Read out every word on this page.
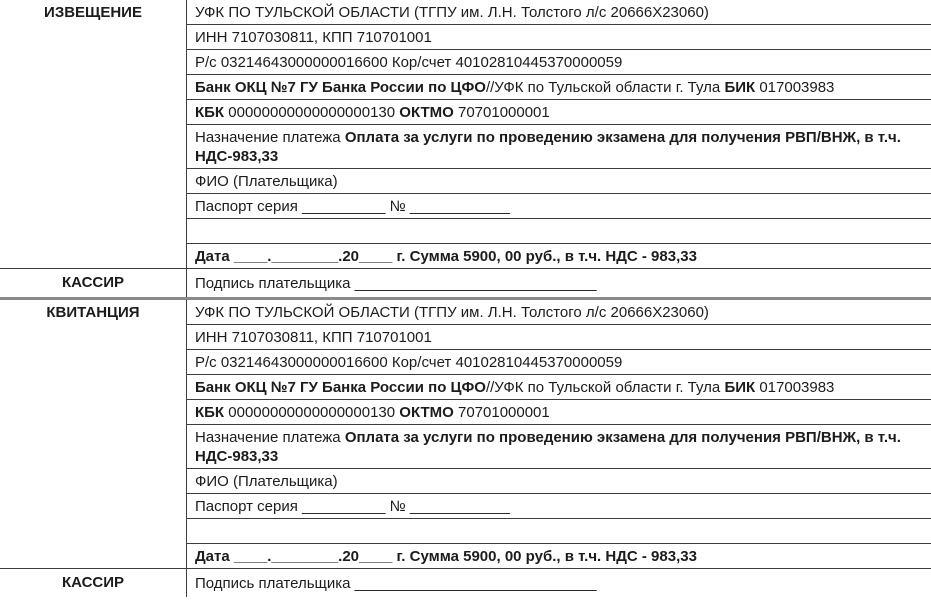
ИЗВЕЩЕНИЕ	УФК ПО ТУЛЬСКОЙ ОБЛАСТИ (ТГПУ им. Л.Н. Толстого л/с 20666X23060)
ИНН 7107030811, КПП 710701001
Р/с 03214643000000016600 Кор/счет 40102810445370000059
Банк ОКЦ №7 ГУ Банка России по ЦФО//УФК по Тульской области г. Тула БИК 017003983
КБК 00000000000000000130 ОКТМО 70701000001
Назначение платежа Оплата за услуги по проведению экзамена для получения РВП/ВНЖ, в т.ч. НДС-983,33
ФИО (Плательщика)
Паспорт серия __________ № ____________

Дата ____.________.20____ г. Сумма 5900, 00 руб., в т.ч. НДС - 983,33
КАССИР	Подпись плательщика _____________________________
КВИТАНЦИЯ	УФК ПО ТУЛЬСКОЙ ОБЛАСТИ (ТГПУ им. Л.Н. Толстого л/с 20666X23060)
ИНН 7107030811, КПП 710701001
Р/с 03214643000000016600 Кор/счет 40102810445370000059
Банк ОКЦ №7 ГУ Банка России по ЦФО//УФК по Тульской области г. Тула БИК 017003983
КБК 00000000000000000130 ОКТМО 70701000001
Назначение платежа Оплата за услуги по проведению экзамена для получения РВП/ВНЖ, в т.ч. НДС-983,33
ФИО (Плательщика)
Паспорт серия __________ № ____________

Дата ____.________.20____ г. Сумма 5900, 00 руб., в т.ч. НДС - 983,33
КАССИР	Подпись плательщика _____________________________
